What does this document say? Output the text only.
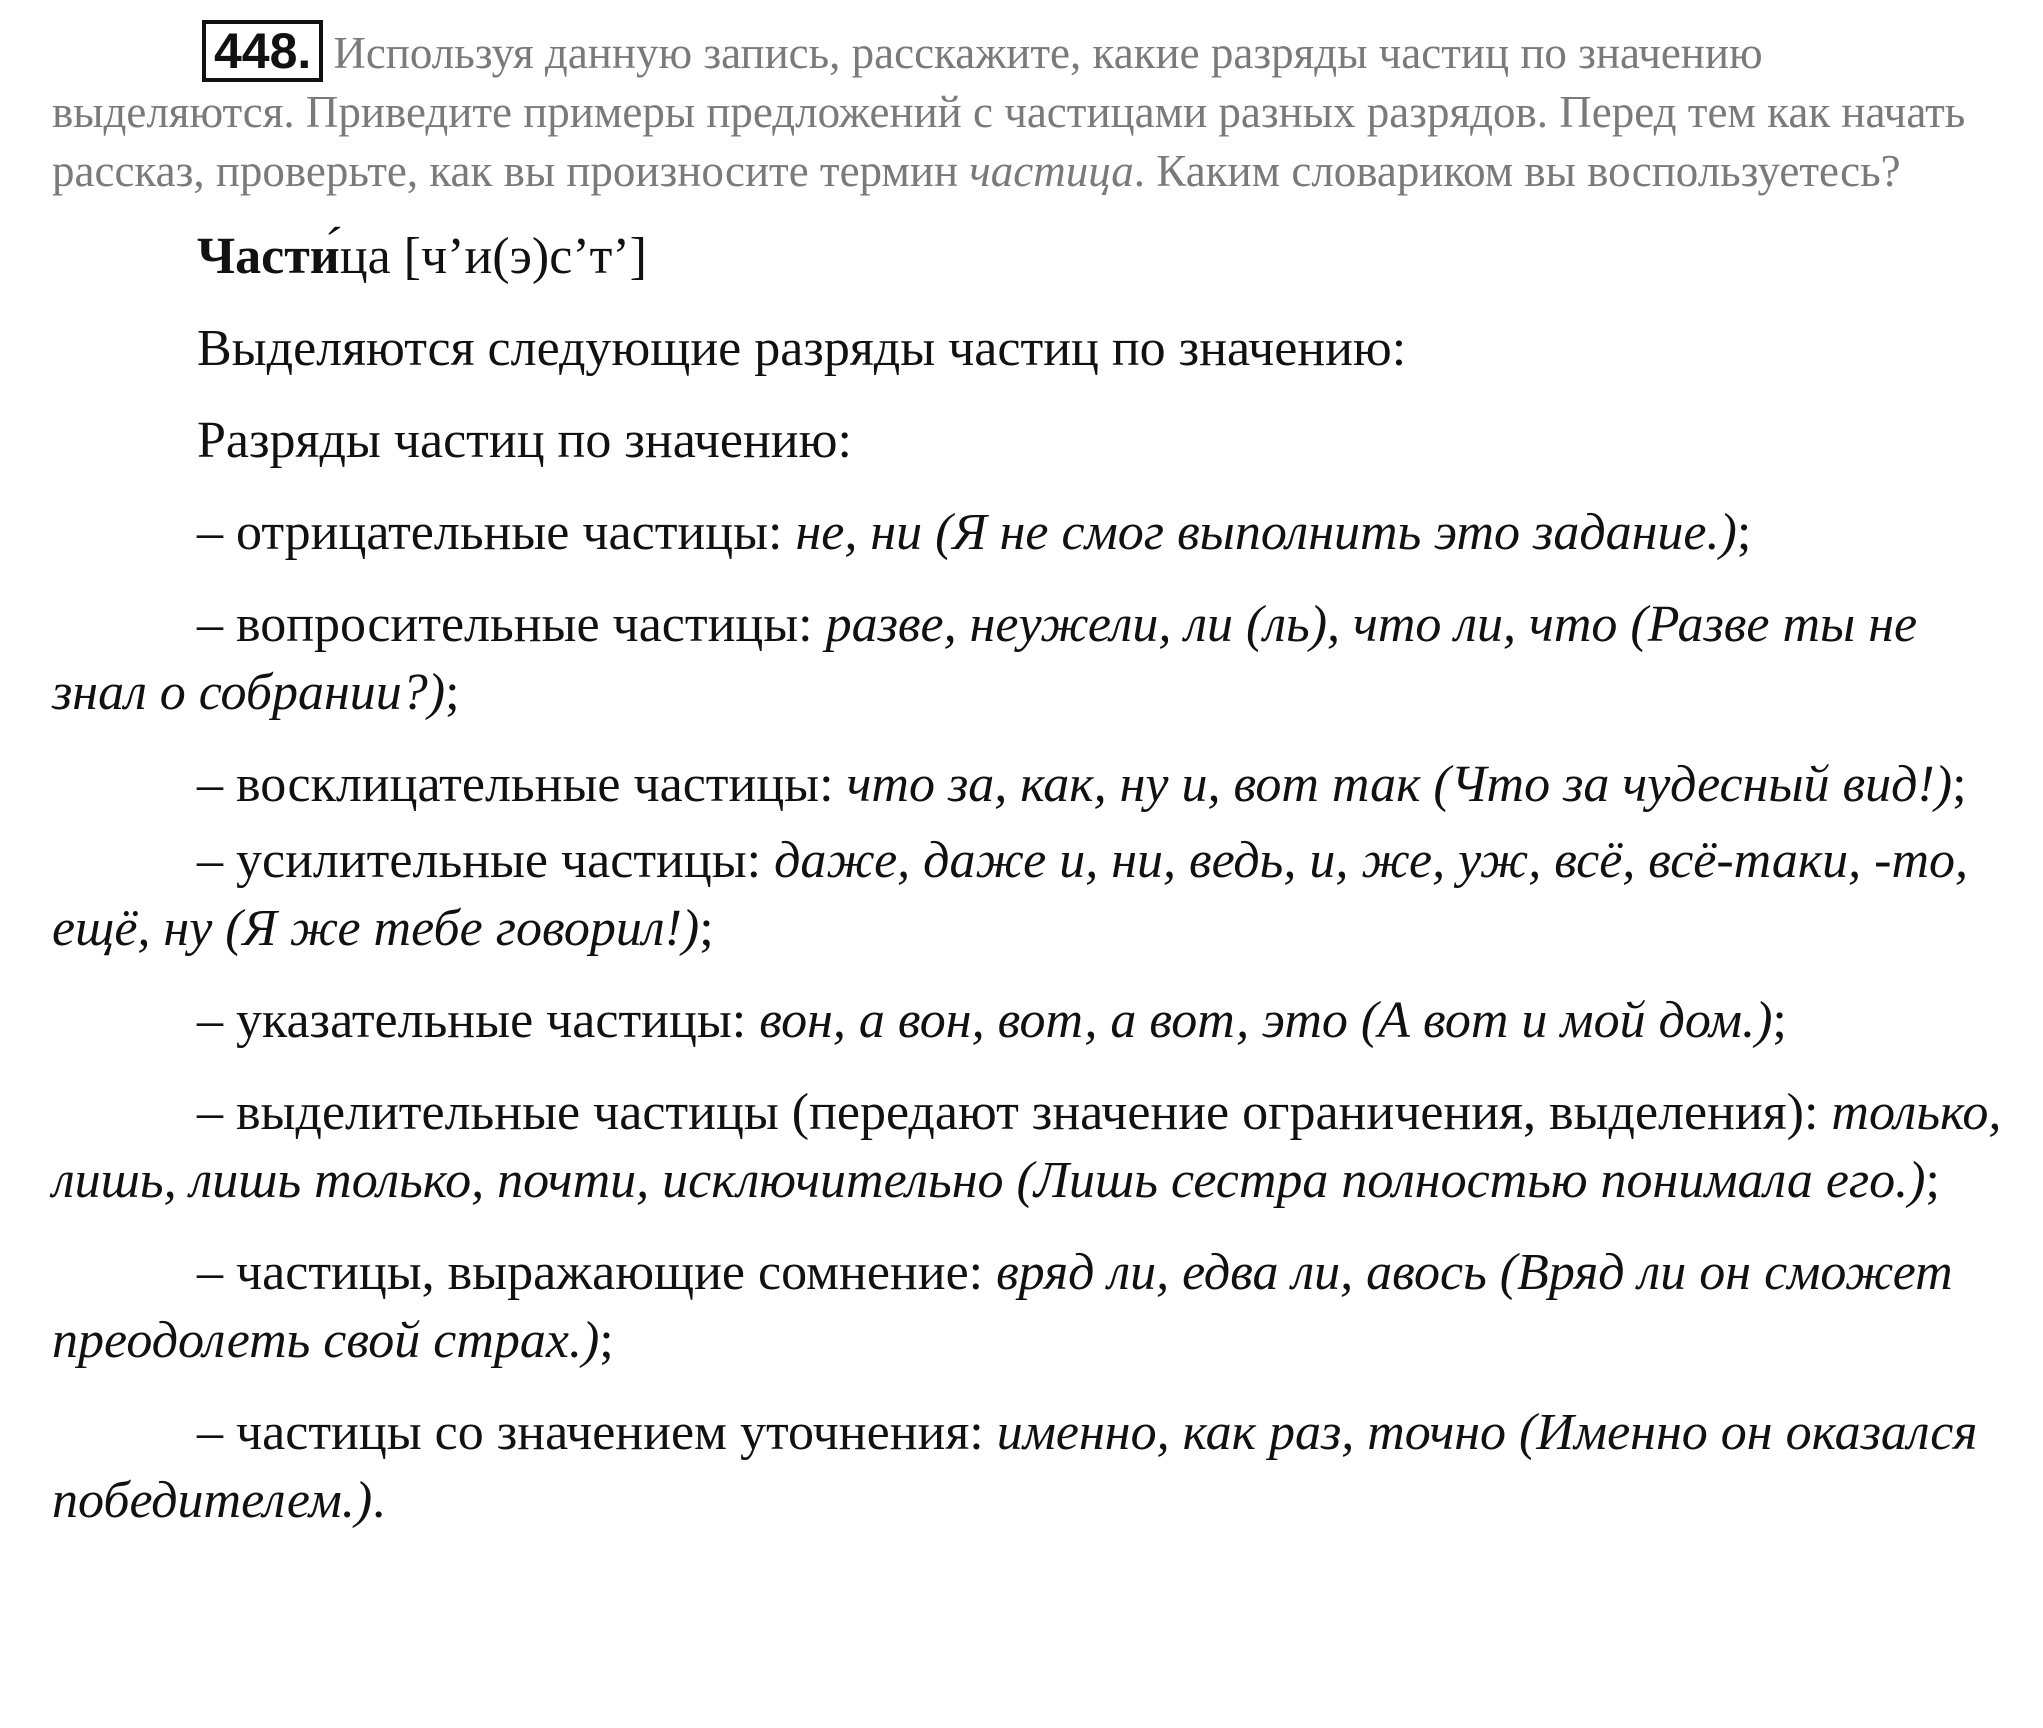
448. Используя данную запись, расскажите, какие разряды частиц по значению выделяются. Приведите примеры предложений с частицами разных разрядов. Перед тем как начать рассказ, проверьте, как вы произносите термин частица. Каким словариком вы воспользуетесь?

Частица [ч’и(э)с’т’]

Выделяются следующие разряды частиц по значению:

Разряды частиц по значению:

– отрицательные частицы: не, ни (Я не смог выполнить это задание.);

– вопросительные частицы: разве, неужели, ли (ль), что ли, что (Разве ты не знал о собрании?);

– восклицательные частицы: что за, как, ну и, вот так (Что за чудесный вид!);

– усилительные частицы: даже, даже и, ни, ведь, и, же, уж, всё, всё-таки, -то, ещё, ну (Я же тебе говорил!);

– указательные частицы: вон, а вон, вот, а вот, это (А вот и мой дом.);

– выделительные частицы (передают значение ограничения, выделения): только, лишь, лишь только, почти, исключительно (Лишь сестра полностью понимала его.);

– частицы, выражающие сомнение: вряд ли, едва ли, авось (Вряд ли он сможет преодолеть свой страх.);

– частицы со значением уточнения: именно, как раз, точно (Именно он оказался победителем.).
